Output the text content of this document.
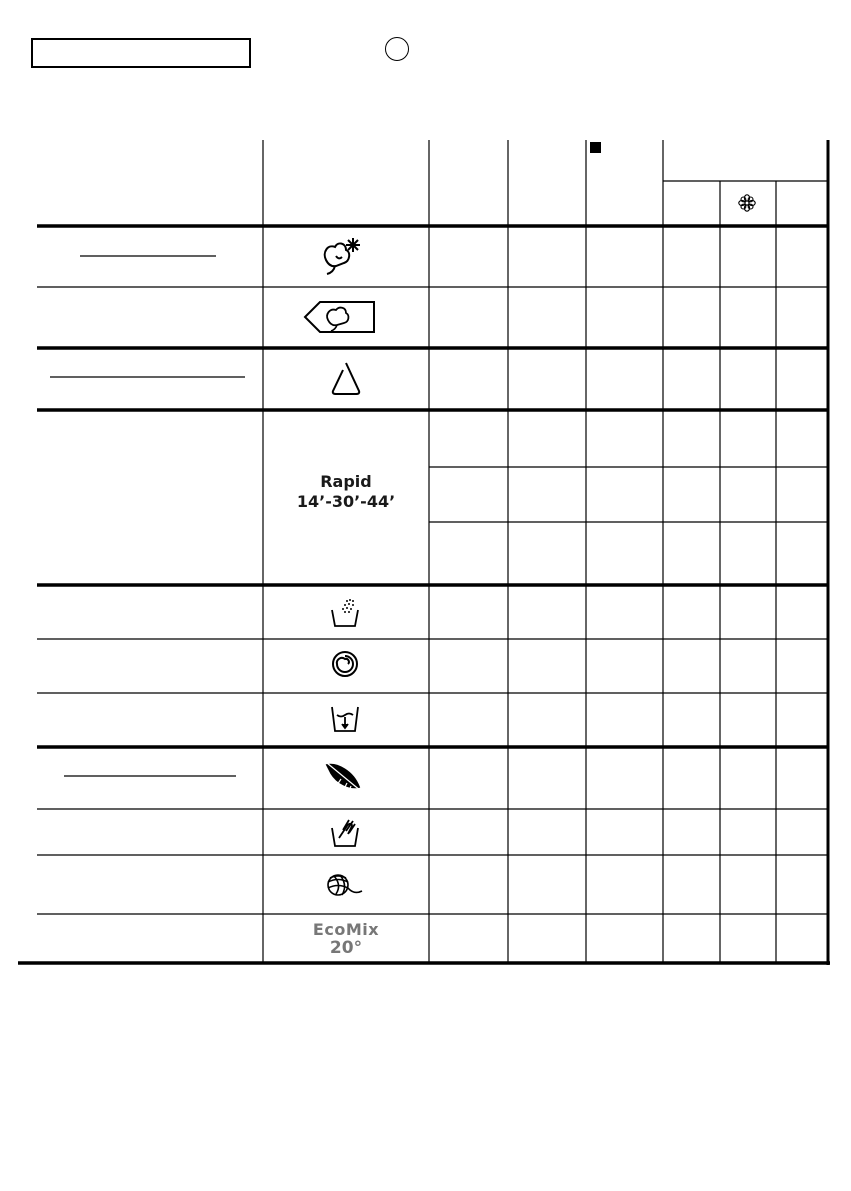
Rapid
14’-30’-44’
EcoMix
20°
